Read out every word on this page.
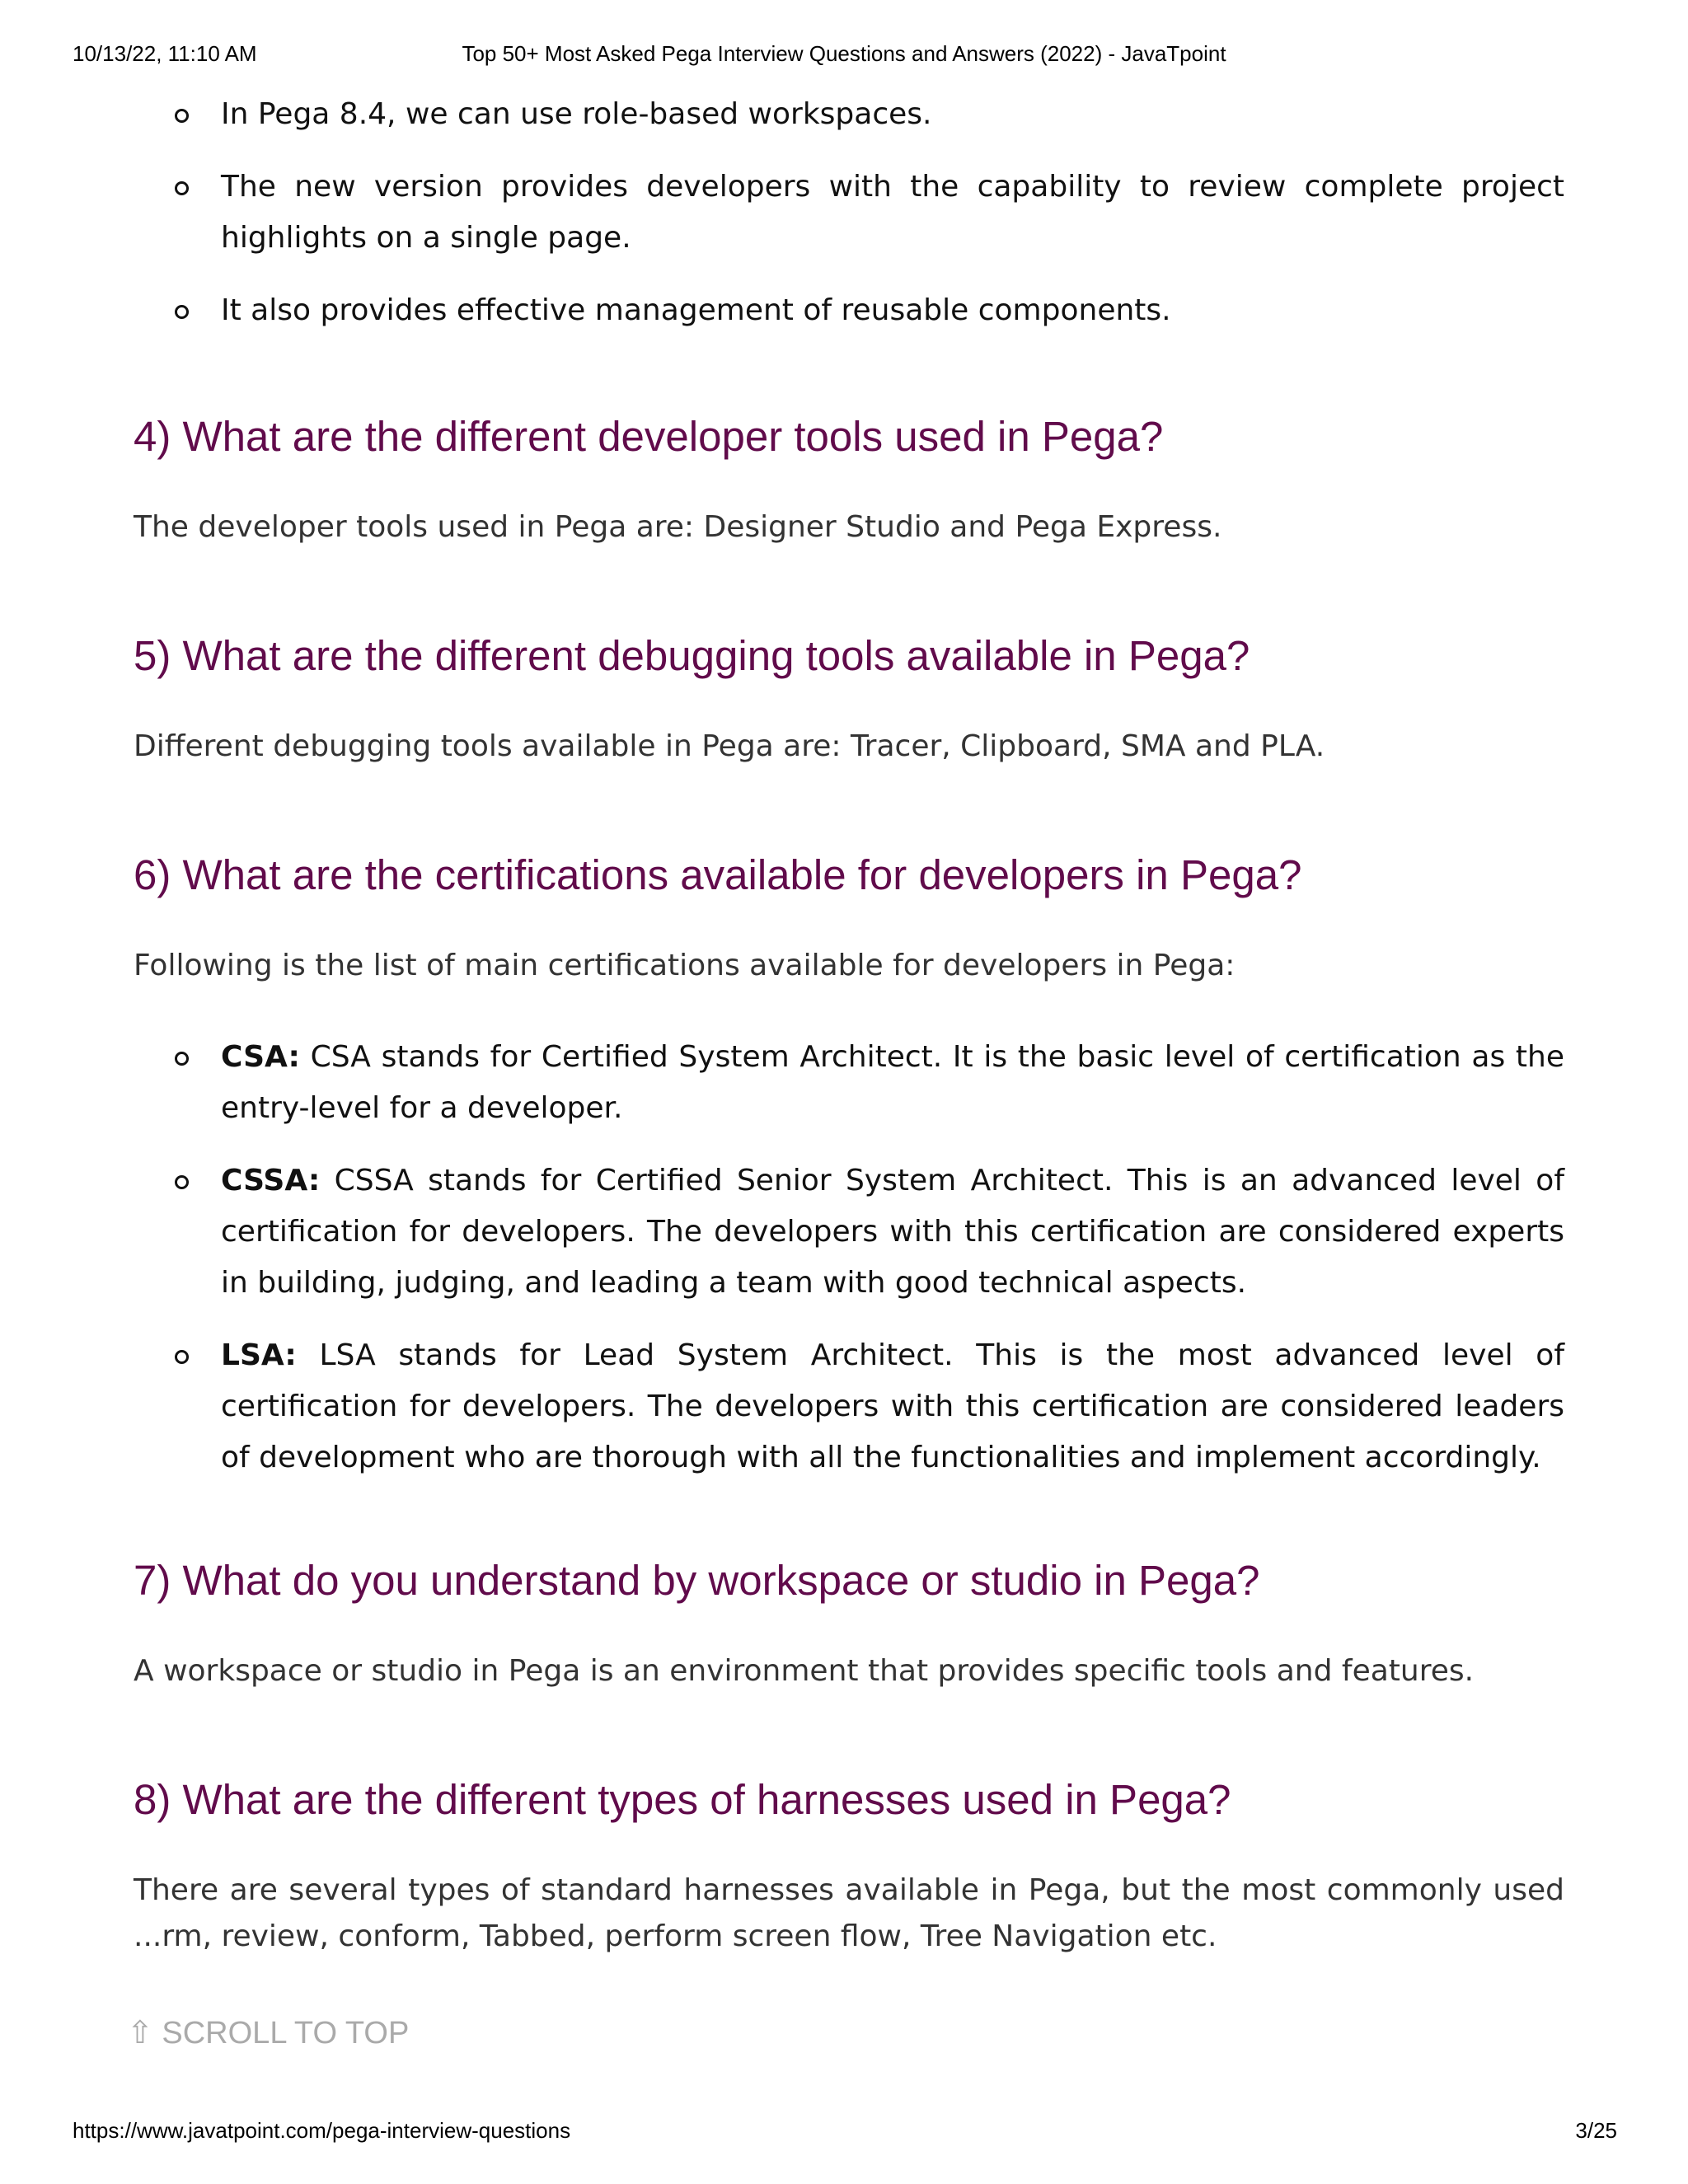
10/13/22, 11:10 AM	Top 50+ Most Asked Pega Interview Questions and Answers (2022) - JavaTpoint
In Pega 8.4, we can use role-based workspaces.
The new version provides developers with the capability to review complete project highlights on a single page.
It also provides effective management of reusable components.
4) What are the different developer tools used in Pega?

The developer tools used in Pega are: Designer Studio and Pega Express.

5) What are the different debugging tools available in Pega?

Different debugging tools available in Pega are: Tracer, Clipboard, SMA and PLA.

6) What are the certifications available for developers in Pega?

Following is the list of main certifications available for developers in Pega:

CSA: CSA stands for Certified System Architect. It is the basic level of certification as the entry-level for a developer.
CSSA: CSSA stands for Certified Senior System Architect. This is an advanced level of certification for developers. The developers with this certification are considered experts in building, judging, and leading a team with good technical aspects.
LSA: LSA stands for Lead System Architect. This is the most advanced level of certification for developers. The developers with this certification are considered leaders of development who are thorough with all the functionalities and implement accordingly.
7) What do you understand by workspace or studio in Pega?

A workspace or studio in Pega is an environment that provides specific tools and features.

8) What are the different types of harnesses used in Pega?

There are several types of standard harnesses available in Pega, but the most commonly used ...rm, review, conform, Tabbed, perform screen flow, Tree Navigation etc.

⇧ SCROLL TO TOP
https://www.javatpoint.com/pega-interview-questions	3/25
